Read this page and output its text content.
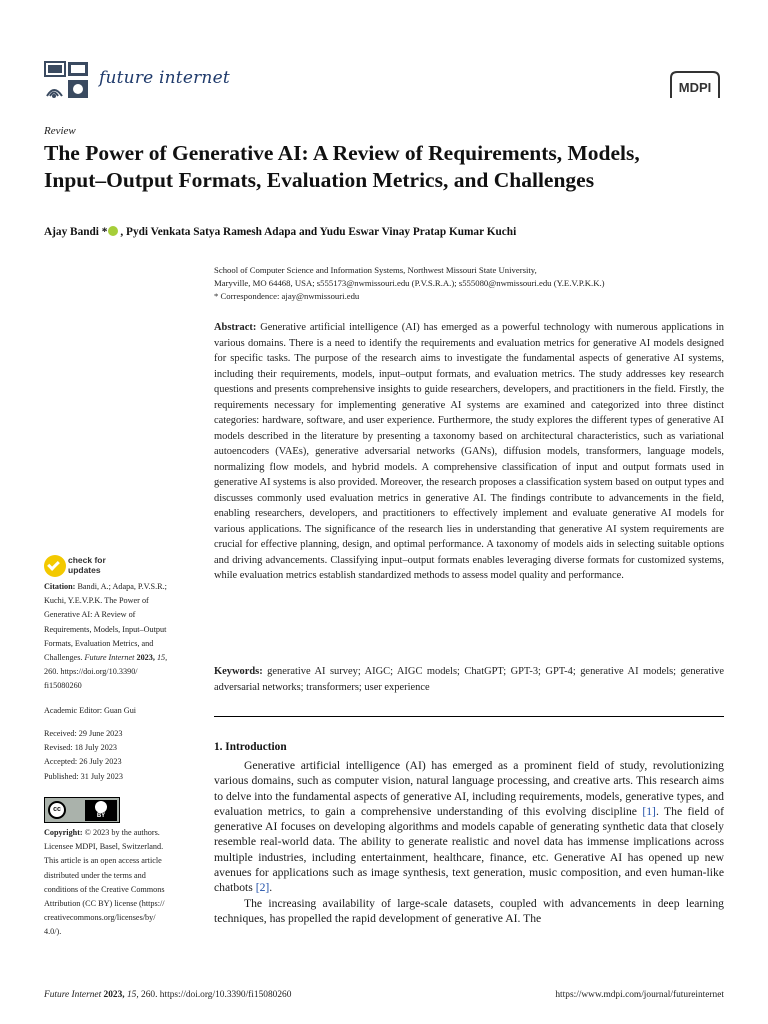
future internet	MDPI
Review
The Power of Generative AI: A Review of Requirements, Models, Input–Output Formats, Evaluation Metrics, and Challenges
Ajay Bandi * , Pydi Venkata Satya Ramesh Adapa and Yudu Eswar Vinay Pratap Kumar Kuchi
School of Computer Science and Information Systems, Northwest Missouri State University,
Maryville, MO 64468, USA; s555173@nwmissouri.edu (P.V.S.R.A.); s555080@nwmissouri.edu (Y.E.V.P.K.K.)
* Correspondence: ajay@nwmissouri.edu
Abstract: Generative artificial intelligence (AI) has emerged as a powerful technology with numerous applications in various domains. There is a need to identify the requirements and evaluation metrics for generative AI models designed for specific tasks. The purpose of the research aims to investigate the fundamental aspects of generative AI systems, including their requirements, models, input–output formats, and evaluation metrics. The study addresses key research questions and presents comprehensive insights to guide researchers, developers, and practitioners in the field. Firstly, the requirements necessary for implementing generative AI systems are examined and categorized into three distinct categories: hardware, software, and user experience. Furthermore, the study explores the different types of generative AI models described in the literature by presenting a taxonomy based on architectural characteristics, such as variational autoencoders (VAEs), generative adversarial networks (GANs), diffusion models, transformers, language models, normalizing flow models, and hybrid models. A comprehensive classification of input and output formats used in generative AI systems is also provided. Moreover, the research proposes a classification system based on output types and discusses commonly used evaluation metrics in generative AI. The findings contribute to advancements in the field, enabling researchers, developers, and practitioners to effectively implement and evaluate generative AI models for various applications. The significance of the research lies in understanding that generative AI system requirements are crucial for effective planning, design, and optimal performance. A taxonomy of models aids in selecting suitable options and driving advancements. Classifying input–output formats enables leveraging diverse formats for customized systems, while evaluation metrics establish standardized methods to assess model quality and performance.
Keywords: generative AI survey; AIGC; AIGC models; ChatGPT; GPT-3; GPT-4; generative AI models; generative adversarial networks; transformers; user experience
1. Introduction

Generative artificial intelligence (AI) has emerged as a prominent field of study, revolutionizing various domains, such as computer vision, natural language processing, and creative arts. This research aims to delve into the fundamental aspects of generative AI, including requirements, models, generative types, and evaluation metrics, to gain a comprehensive understanding of this evolving discipline [1]. The field of generative AI focuses on developing algorithms and models capable of generating synthetic data that closely resemble real-world data. The ability to generate realistic and novel data has immense implications across multiple industries, including entertainment, healthcare, finance, etc. Generative AI has opened up new avenues for applications such as image synthesis, text generation, music composition, and even human-like chatbots [2].

The increasing availability of large-scale datasets, coupled with advancements in deep learning techniques, has propelled the rapid development of generative AI. The

check for
updates
Citation: Bandi, A.; Adapa, P.V.S.R.;
Kuchi, Y.E.V.P.K. The Power of
Generative AI: A Review of
Requirements, Models, Input–Output
Formats, Evaluation Metrics, and
Challenges. Future Internet 2023, 15,
260. https://doi.org/10.3390/
fi15080260
Academic Editor: Guan Gui
Received: 29 June 2023
Revised: 18 July 2023
Accepted: 26 July 2023
Published: 31 July 2023
cc
BY
Copyright: © 2023 by the authors.
Licensee MDPI, Basel, Switzerland.
This article is an open access article
distributed under the terms and
conditions of the Creative Commons
Attribution (CC BY) license (https://
creativecommons.org/licenses/by/
4.0/).
Future Internet 2023, 15, 260. https://doi.org/10.3390/fi15080260	https://www.mdpi.com/journal/futureinternet
